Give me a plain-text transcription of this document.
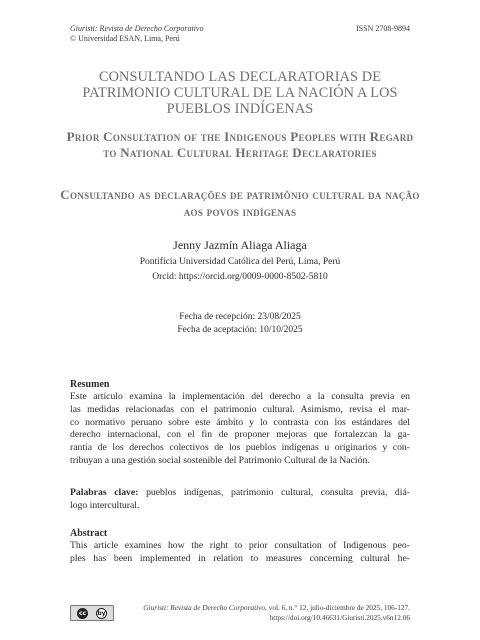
Giuristi: Revista de Derecho Corporativo
© Universidad ESAN, Lima, Perú
ISSN 2708-9894
CONSULTANDO LAS DECLARATORIAS DE PATRIMONIO CULTURAL DE LA NACIÓN A LOS PUEBLOS INDÍGENAS
Prior Consultation of the Indigenous Peoples with Regard to National Cultural Heritage Declaratories
Consultando as declarações de patrimônio cultural da nação aos povos indígenas
Jenny Jazmín Aliaga Aliaga
Pontificia Universidad Católica del Perú, Lima, Perú
Orcid: https://orcid.org/0009-0000-8502-5810
Fecha de recepción: 23/08/2025
Fecha de aceptación: 10/10/2025
Resumen
Este artículo examina la implementación del derecho a la consulta previa en
las medidas relacionadas con el patrimonio cultural. Asimismo, revisa el mar-
co normativo peruano sobre este ámbito y lo contrasta con los estándares del
derecho internacional, con el fin de proponer mejoras que fortalezcan la ga-
rantía de los derechos colectivos de los pueblos indígenas u originarios y con-
tribuyan a una gestión social sostenible del Patrimonio Cultural de la Nación.
Palabras clave: pueblos indígenas, patrimonio cultural, consulta previa, diá-
logo intercultural.
Abstract
This article examines how the right to prior consultation of Indigenous peo-
ples has been implemented in relation to measures concerning cultural he-
cc	by
Giuristi: Revista de Derecho Corporativo, vol. 6, n.° 12, julio-diciembre de 2025, 106-127.
https://doi.org/10.46631/Giuristi.2025.v6n12.06
